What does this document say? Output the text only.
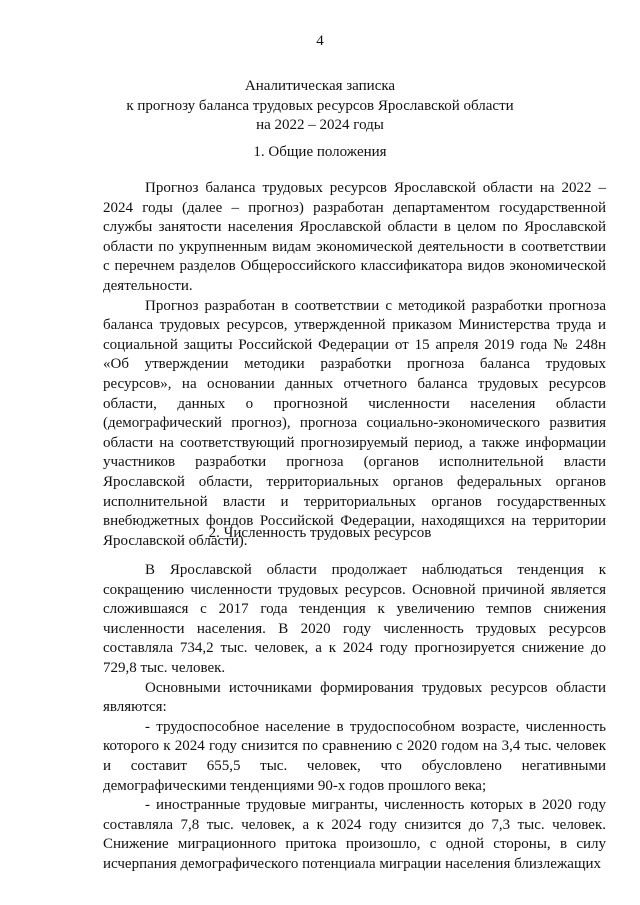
4
Аналитическая записка
к прогнозу баланса трудовых ресурсов Ярославской области
на 2022 – 2024 годы
1. Общие положения

Прогноз баланса трудовых ресурсов Ярославской области на 2022 – 2024 годы (далее – прогноз) разработан департаментом государственной службы занятости населения Ярославской области в целом по Ярославской области по укрупненным видам экономической деятельности в соответствии с перечнем разделов Общероссийского классификатора видов экономической деятельности.

Прогноз разработан в соответствии с методикой разработки прогноза баланса трудовых ресурсов, утвержденной приказом Министерства труда и социальной защиты Российской Федерации от 15 апреля 2019 года № 248н «Об утверждении методики разработки прогноза баланса трудовых ресурсов», на основании данных отчетного баланса трудовых ресурсов области, данных о прогнозной численности населения области (демографический прогноз), прогноза социально-экономического развития области на соответствующий прогнозируемый период, а также информации участников разработки прогноза (органов исполнительной власти Ярославской области, территориальных органов федеральных органов исполнительной власти и территориальных органов государственных внебюджетных фондов Российской Федерации, находящихся на территории Ярославской области).

2. Численность трудовых ресурсов

В Ярославской области продолжает наблюдаться тенденция к сокращению численности трудовых ресурсов. Основной причиной является сложившаяся с 2017 года тенденция к увеличению темпов снижения численности населения. В 2020 году численность трудовых ресурсов составляла 734,2 тыс. человек, а к 2024 году прогнозируется снижение до 729,8 тыс. человек.

Основными источниками формирования трудовых ресурсов области являются:

- трудоспособное население в трудоспособном возрасте, численность которого к 2024 году снизится по сравнению с 2020 годом на 3,4 тыс. человек и составит 655,5 тыс. человек, что обусловлено негативными демографическими тенденциями 90-х годов прошлого века;

- иностранные трудовые мигранты, численность которых в 2020 году составляла 7,8 тыс. человек, а к 2024 году снизится до 7,3 тыс. человек. Снижение миграционного притока произошло, с одной стороны, в силу исчерпания демографического потенциала миграции населения близлежащих
